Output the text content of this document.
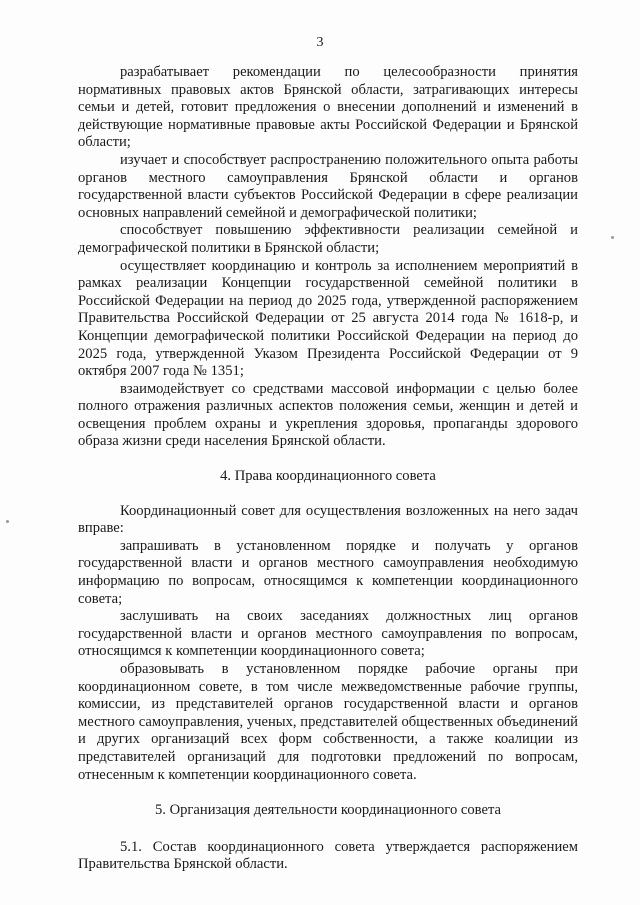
3

разрабатывает рекомендации по целесообразности принятия нормативных правовых актов Брянской области, затрагивающих интересы семьи и детей, готовит предложения о внесении дополнений и изменений в действующие нормативные правовые акты Российской Федерации и Брянской области;

изучает и способствует распространению положительного опыта работы органов местного самоуправления Брянской области и органов государственной власти субъектов Российской Федерации в сфере реализации основных направлений семейной и демографической политики;

способствует повышению эффективности реализации семейной и демографической политики в Брянской области;

осуществляет координацию и контроль за исполнением мероприятий в рамках реализации Концепции государственной семейной политики в Российской Федерации на период до 2025 года, утвержденной распоряжением Правительства Российской Федерации от 25 августа 2014 года № 1618-р, и Концепции демографической политики Российской Федерации на период до 2025 года, утвержденной Указом Президента Российской Федерации от 9 октября 2007 года № 1351;

взаимодействует со средствами массовой информации с целью более полного отражения различных аспектов положения семьи, женщин и детей и освещения проблем охраны и укрепления здоровья, пропаганды здорового образа жизни среди населения Брянской области.

4. Права координационного совета

Координационный совет для осуществления возложенных на него задач вправе:

запрашивать в установленном порядке и получать у органов государственной власти и органов местного самоуправления необходимую информацию по вопросам, относящимся к компетенции координационного совета;

заслушивать на своих заседаниях должностных лиц органов государственной власти и органов местного самоуправления по вопросам, относящимся к компетенции координационного совета;

образовывать в установленном порядке рабочие органы при координационном совете, в том числе межведомственные рабочие группы, комиссии, из представителей органов государственной власти и органов местного самоуправления, ученых, представителей общественных объединений и других организаций всех форм собственности, а также коалиции из представителей организаций для подготовки предложений по вопросам, отнесенным к компетенции координационного совета.

5. Организация деятельности координационного совета

5.1. Состав координационного совета утверждается распоряжением Правительства Брянской области.
